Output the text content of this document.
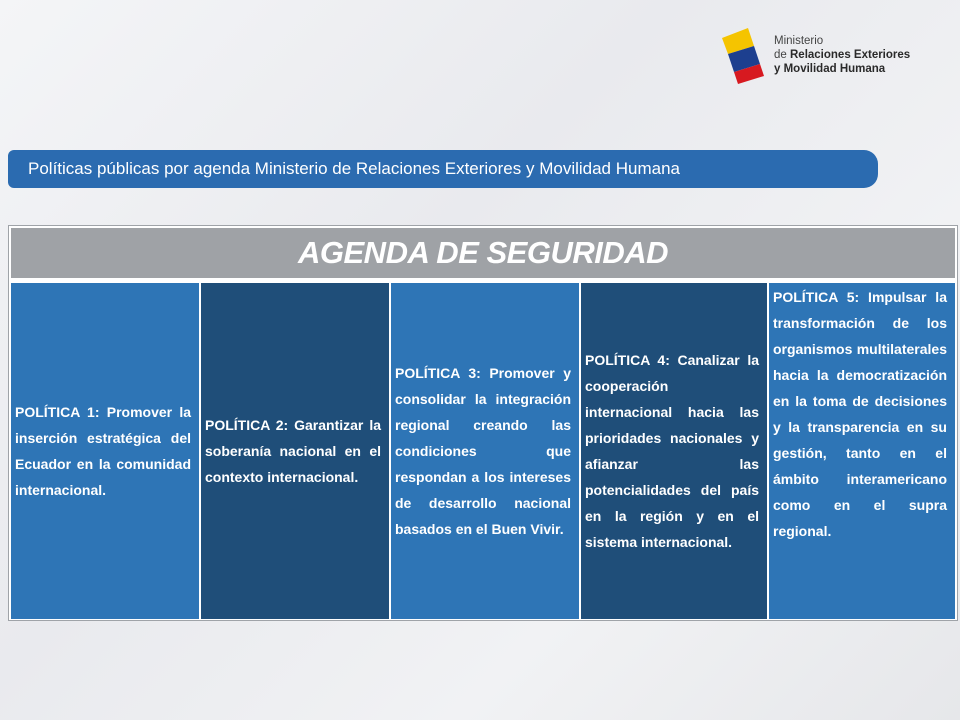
Ministerio
de Relaciones Exteriores
y Movilidad Humana
Políticas públicas por agenda Ministerio de Relaciones Exteriores y Movilidad Humana
AGENDA DE SEGURIDAD
POLÍTICA 1: Promover la inserción estratégica del Ecuador en la comunidad internacional.
POLÍTICA 2: Garantizar la soberanía nacional en el contexto internacional.
POLÍTICA 3: Promover y consolidar la integración regional creando las condiciones que respondan a los intereses de desarrollo nacional basados en el Buen Vivir.
POLÍTICA 4: Canalizar la cooperación internacional hacia las prioridades nacionales y afianzar las potencialidades del país en la región y en el sistema internacional.
POLÍTICA 5: Impulsar la transformación de los organismos multilaterales hacia la democratización en la toma de decisiones y la transparencia en su gestión, tanto en el ámbito interamericano como en el supra regional.
